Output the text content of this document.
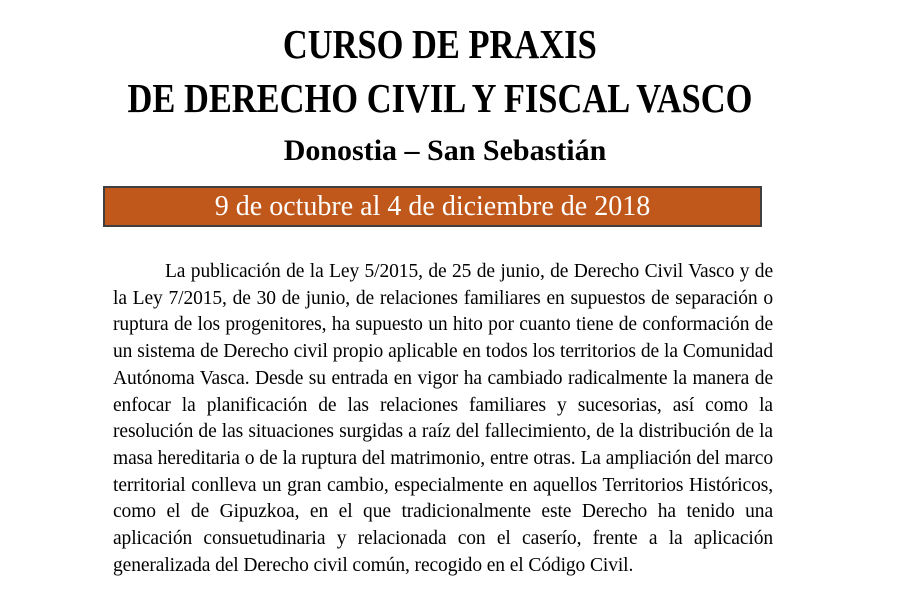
CURSO DE PRAXIS
DE DERECHO CIVIL Y FISCAL VASCO
Donostia – San Sebastián
9 de octubre al 4 de diciembre de 2018
La publicación de la Ley 5/2015, de 25 de junio, de Derecho Civil Vasco y de la Ley 7/2015, de 30 de junio, de relaciones familiares en supuestos de separación o ruptura de los progenitores, ha supuesto un hito por cuanto tiene de conformación de un sistema de Derecho civil propio aplicable en todos los territorios de la Comunidad Autónoma Vasca. Desde su entrada en vigor ha cambiado radicalmente la manera de enfocar la planificación de las relaciones familiares y sucesorias, así como la resolución de las situaciones surgidas a raíz del fallecimiento, de la distribución de la masa hereditaria o de la ruptura del matrimonio, entre otras. La ampliación del marco territorial conlleva un gran cambio, especialmente en aquellos Territorios Históricos, como el de Gipuzkoa, en el que tradicionalmente este Derecho ha tenido una aplicación consuetudinaria y relacionada con el caserío, frente a la aplicación generalizada del Derecho civil común, recogido en el Código Civil.
